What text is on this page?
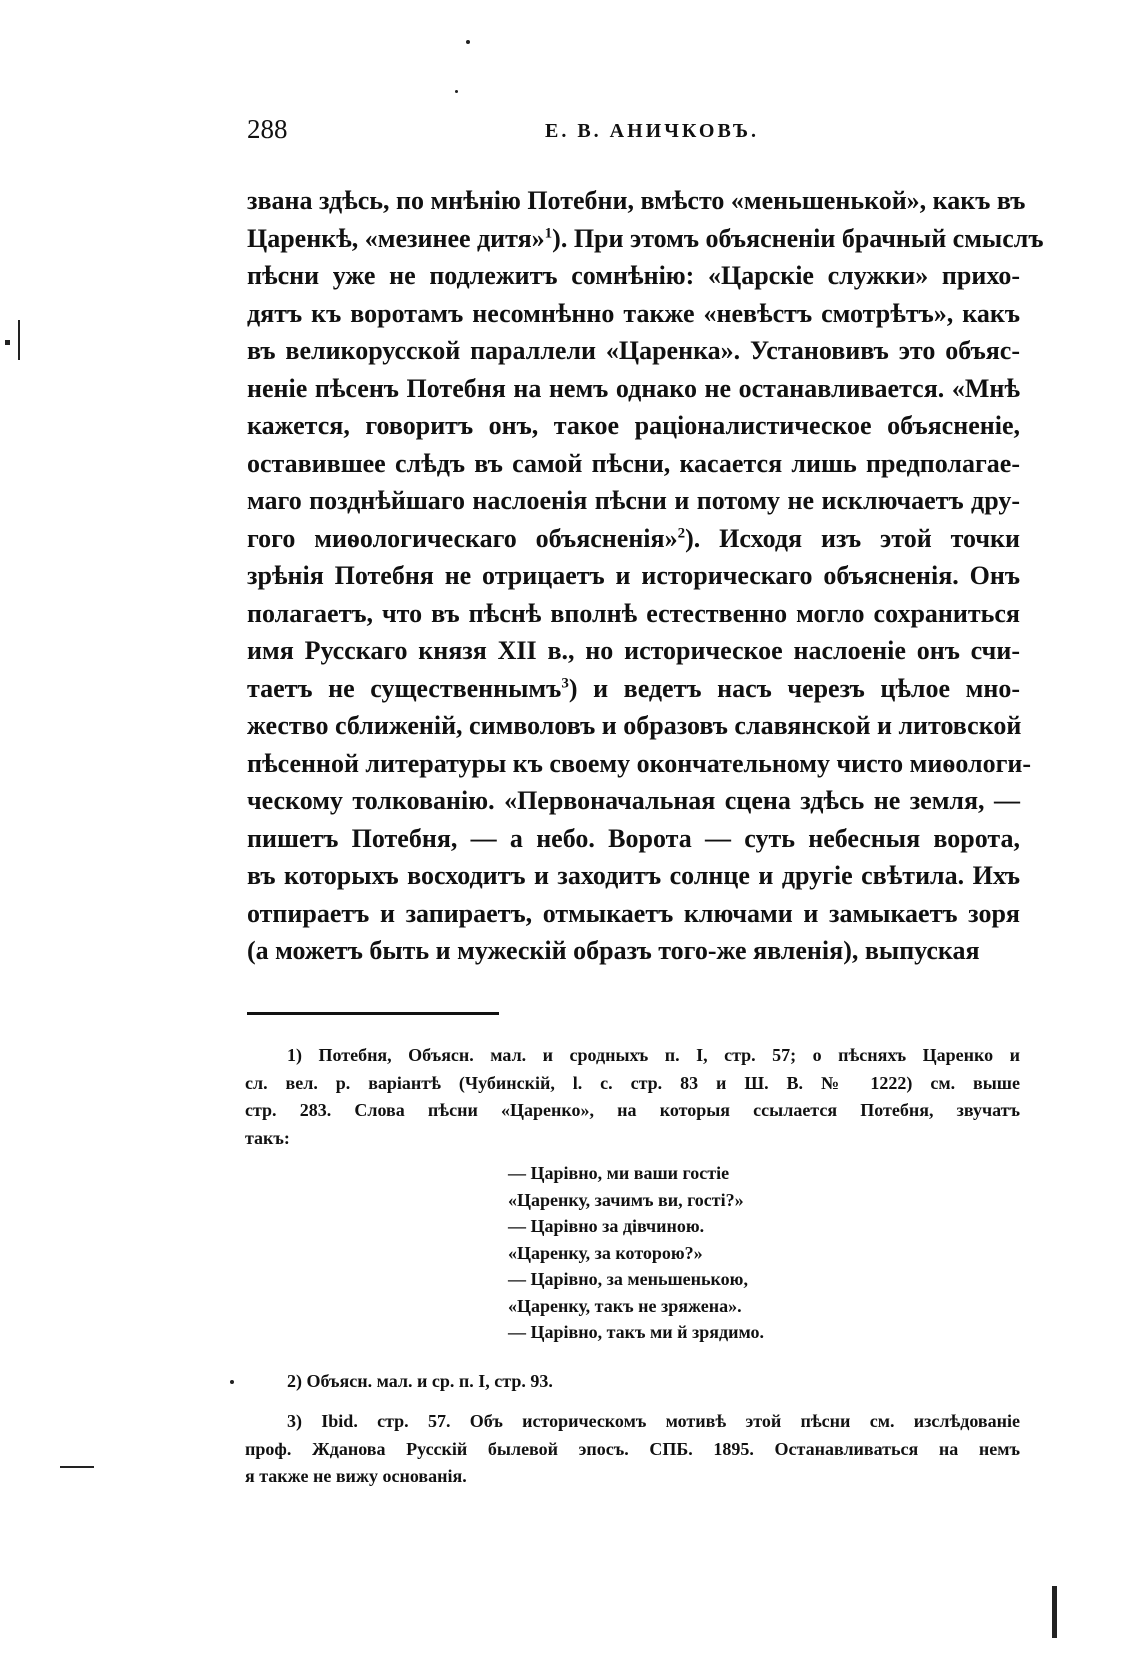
288	Е. В. АНИЧКОВЪ.
звана здѣсь, по мнѣнію Потебни, вмѣсто «меньшенькой», какъ въ
Царенкѣ, «мезинее дитя»$^1$). При этомъ объясненіи брачный смыслъ
пѣсни уже не подлежитъ сомнѣнію: «Царскіе служки» прихо-
дятъ къ воротамъ несомнѣнно также «невѣстъ смотрѣтъ», какъ
въ великорусской параллели «Царенка». Установивъ это объяс-
неніе пѣсенъ Потебня на немъ однако не останавливается. «Мнѣ
кажется, говоритъ онъ, такое раціоналистическое объясненіе,
оставившее слѣдъ въ самой пѣсни, касается лишь предполагае-
маго позднѣйшаго наслоенія пѣсни и потому не исключаетъ дру-
гого миѳологическаго объясненія»$^2$). Исходя изъ этой точки
зрѣнія Потебня не отрицаетъ и историческаго объясненія. Онъ
полагаетъ, что въ пѣснѣ вполнѣ естественно могло сохраниться
имя Русскаго князя XII в., но историческое наслоеніе онъ счи-
таетъ не существеннымъ$^3$) и ведетъ насъ черезъ цѣлое мно-
жество сближеній, символовъ и образовъ славянской и литовской
пѣсенной литературы къ своему окончательному чисто миѳологи-
ческому толкованію. «Первоначальная сцена здѣсь не земля, —
пишетъ Потебня, — а небо. Ворота — суть небесныя ворота,
въ которыхъ восходитъ и заходитъ солнце и другіе свѣтила. Ихъ
отпираетъ и запираетъ, отмыкаетъ ключами и замыкаетъ зоря
(а можетъ быть и мужескій образъ того-же явленія), выпуская
1) Потебня, Объясн. мал. и сродныхъ п. I, стр. 57; о пѣсняхъ Царенко и
сл. вел. р. варіантѣ (Чубинскій, l. c. стр. 83 и Ш. В. № 1222) см. выше
стр. 283. Слова пѣсни «Царенко», на которыя ссылается Потебня, звучатъ
такъ:
— Царівно, ми ваши гостіе
«Царенку, зачимъ ви, гості?»
— Царівно за дівчиною.
«Царенку, за которою?»
— Царівно, за меньшенькою,
«Царенку, такъ не зряжена».
— Царівно, такъ ми й зрядимо.
2) Объясн. мал. и ср. п. I, стр. 93.
3) Ibid. стр. 57. Объ историческомъ мотивѣ этой пѣсни см. изслѣдованіе
проф. Жданова Русскій былевой эпосъ. СПБ. 1895. Останавливаться на немъ
я также не вижу основанія.
